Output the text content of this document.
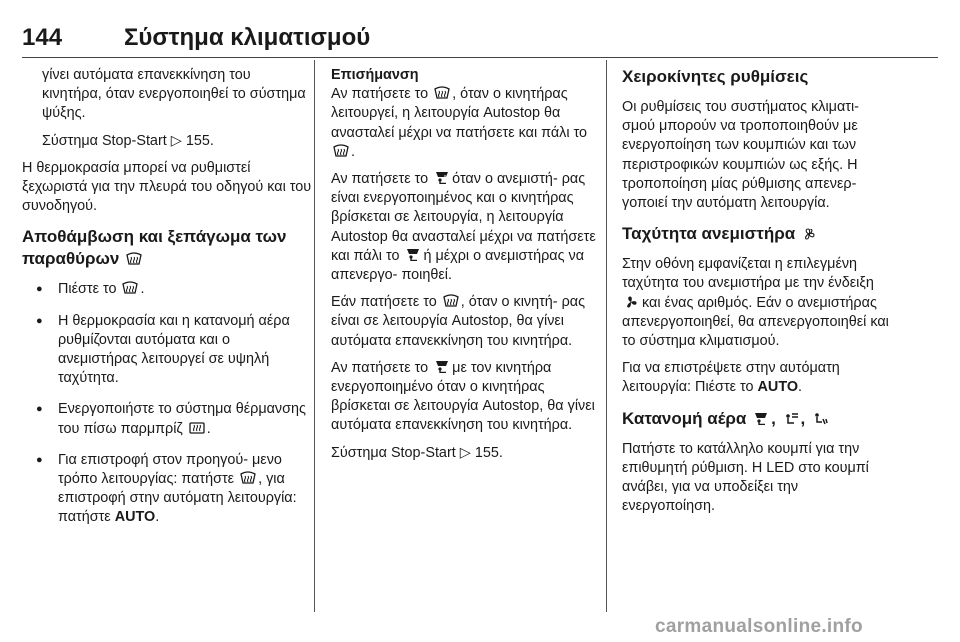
144	Σύστημα κλιματισμού

γίνει αυτόματα επανεκκίνηση του κινητήρα, όταν ενεργοποιηθεί το σύστημα ψύξης.

Σύστημα Stop-Start ▷ 155.

Η θερμοκρασία μπορεί να ρυθμιστεί ξεχωριστά για την πλευρά του οδηγού και του συνοδηγού.

Αποθάμβωση και ξεπάγωμα των παραθύρων
● Πιέστε το .
● Η θερμοκρασία και η κατανομή αέρα ρυθμίζονται αυτόματα και ο ανεμιστήρας λειτουργεί σε υψηλή ταχύτητα.
● Ενεργοποιήστε το σύστημα θέρμανσης του πίσω παρμπρίζ .
● Για επιστροφή στον προηγού- μενο τρόπο λειτουργίας: πατήστε , για επιστροφή στην αυτόματη λειτουργία: πατήστε AUTO.
Επισήμανση

Αν πατήσετε το , όταν ο κινητήρας λειτουργεί, η λειτουργία Autostop θα ανασταλεί μέχρι να πατήσετε και πάλι το
.

Αν πατήσετε το όταν ο ανεμιστή- ρας είναι ενεργοποιημένος και ο κινητήρας βρίσκεται σε λειτουργία, η λειτουργία Autostop θα ανασταλεί μέχρι να πατήσετε και πάλι το ή μέχρι ο ανεμιστήρας να απενεργο- ποιηθεί.

Εάν πατήσετε το , όταν ο κινητή- ρας είναι σε λειτουργία Autostop, θα γίνει αυτόματα επανεκκίνηση του κινητήρα.

Αν πατήσετε το με τον κινητήρα ενεργοποιημένο όταν ο κινητήρας βρίσκεται σε λειτουργία Autostop, θα γίνει αυτόματα επανεκκίνηση του κινητήρα.

Σύστημα Stop-Start ▷ 155.

Χειροκίνητες ρυθμίσεις

Οι ρυθμίσεις του συστήματος κλιματι- σμού μπορούν να τροποποιηθούν με ενεργοποίηση των κουμπιών και των περιστροφικών κουμπιών ως εξής. Η τροποποίηση μίας ρύθμισης απενερ- γοποιεί την αυτόματη λειτουργία.

Ταχύτητα ανεμιστήρα

Στην οθόνη εμφανίζεται η επιλεγμένη ταχύτητα του ανεμιστήρα με την ένδειξη
και ένας αριθμός. Εάν ο ανεμιστήρας απενεργοποιηθεί, θα απενεργοποιηθεί και το σύστημα κλιματισμού.

Για να επιστρέψετε στην αυτόματη λειτουργία: Πιέστε το AUTO.

Κατανομή αέρα , ,

Πατήστε το κατάλληλο κουμπί για την επιθυμητή ρύθμιση. Η LED στο κουμπί ανάβει, για να υποδείξει την ενεργοποίηση.

carmanualsonline.info
